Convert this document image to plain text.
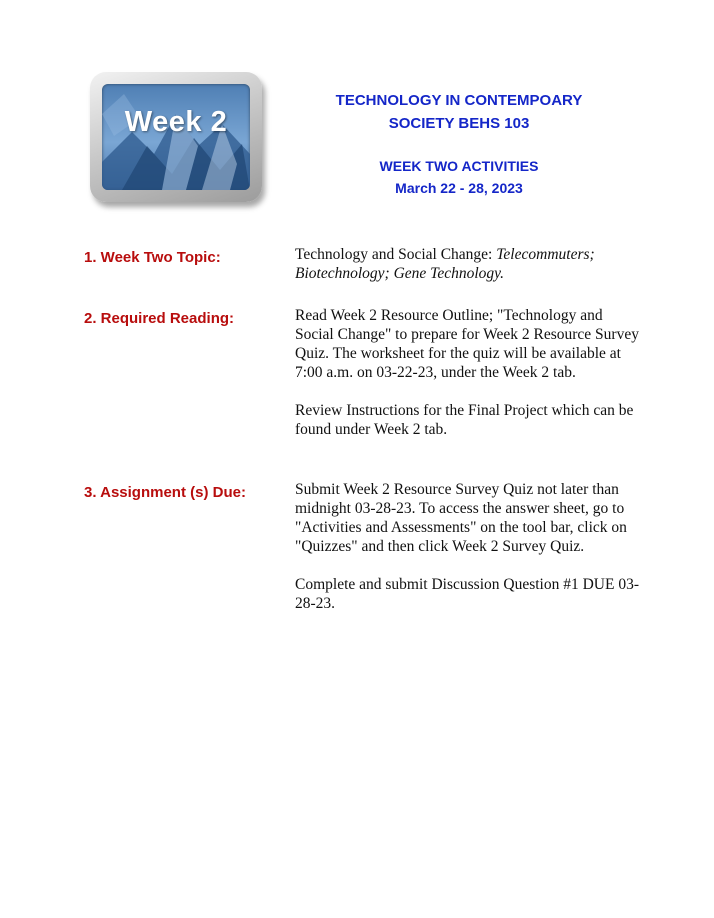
Week 2
TECHNOLOGY IN CONTEMPOARY
SOCIETY BEHS 103
WEEK TWO ACTIVITIES
March 22 - 28, 2023
1. Week Two Topic:	Technology and Social Change: Telecommuters; Biotechnology; Gene Technology.

2. Required Reading:	Read Week 2 Resource Outline; "Technology and Social Change" to prepare for Week 2 Resource Survey Quiz. The worksheet for the quiz will be available at 7:00 a.m. on 03-22-23, under the Week 2 tab.

Review Instructions for the Final Project which can be found under Week 2 tab.

3. Assignment (s) Due:	Submit Week 2 Resource Survey Quiz not later than midnight 03-28-23. To access the answer sheet, go to "Activities and Assessments" on the tool bar, click on "Quizzes" and then click Week 2 Survey Quiz.

Complete and submit Discussion Question #1 DUE 03-28-23.
